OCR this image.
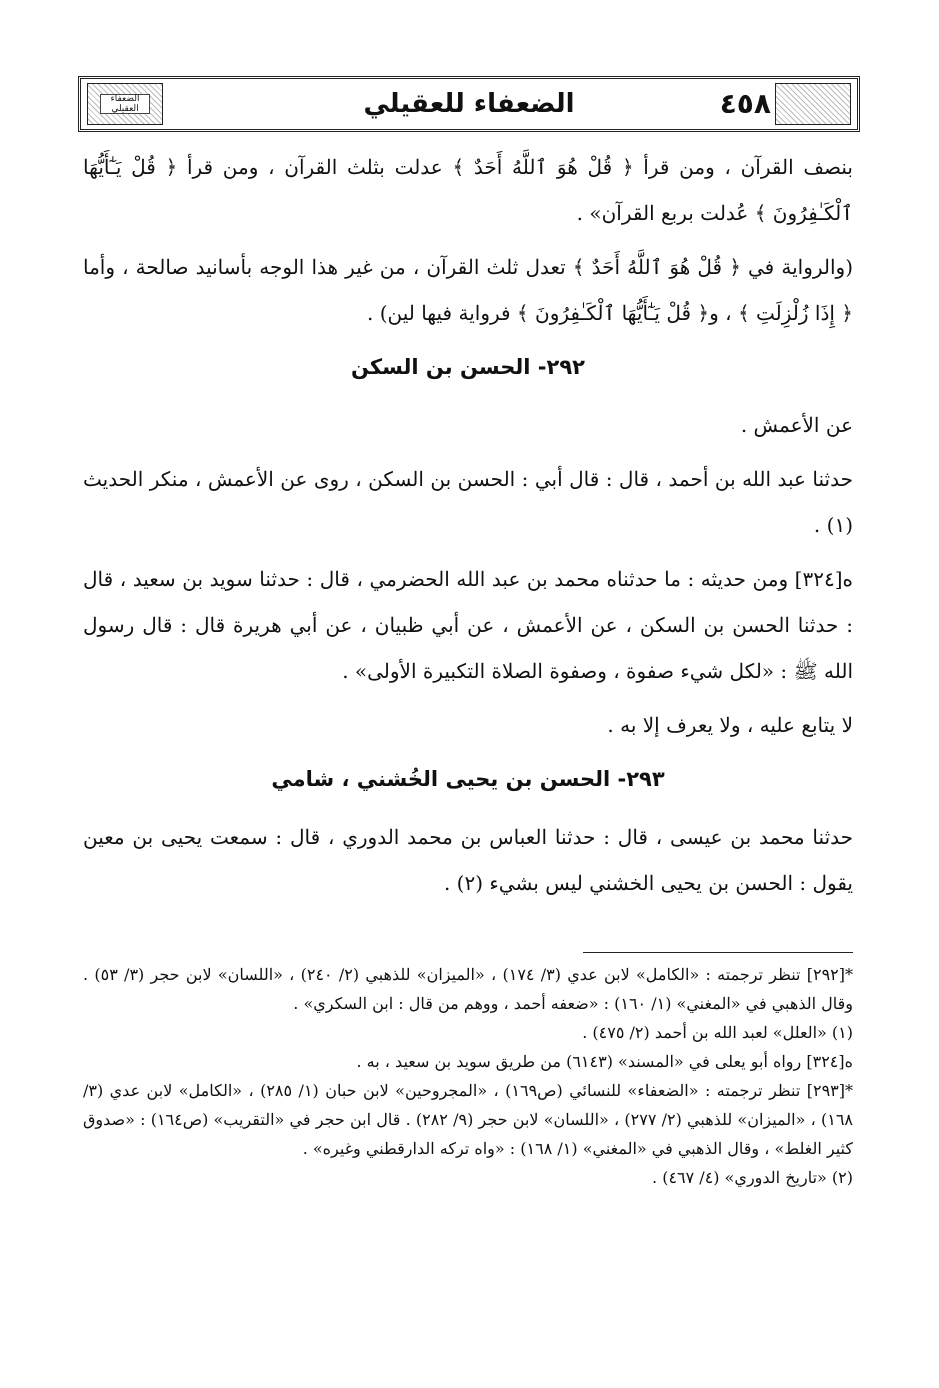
الضعفاء العقيلي	٤٥٨
الضعفاء للعقيلي

بنصف القرآن ، ومن قرأ ﴿ قُلْ هُوَ ٱللَّهُ أَحَدٌ ﴾ عدلت بثلث القرآن ، ومن قرأ ﴿ قُلْ يَـٰٓأَيُّهَا ٱلْكَـٰفِرُونَ ﴾ عُدلت بربع القرآن» .

(والرواية في ﴿ قُلْ هُوَ ٱللَّهُ أَحَدٌ ﴾ تعدل ثلث القرآن ، من غير هذا الوجه بأسانيد صالحة ، وأما ﴿ إِذَا زُلْزِلَتِ ﴾ ، و﴿ قُلْ يَـٰٓأَيُّهَا ٱلْكَـٰفِرُونَ ﴾ فرواية فيها لين) .

٢٩٢- الحسن بن السكن

عن الأعمش .

حدثنا عبد الله بن أحمد ، قال : قال أبي : الحسن بن السكن ، روى عن الأعمش ، منكر الحديث (١) .

ه[٣٢٤] ومن حديثه : ما حدثناه محمد بن عبد الله الحضرمي ، قال : حدثنا سويد بن سعيد ، قال : حدثنا الحسن بن السكن ، عن الأعمش ، عن أبي ظبيان ، عن أبي هريرة قال : قال رسول الله ﷺ : «لكل شيء صفوة ، وصفوة الصلاة التكبيرة الأولى» .

لا يتابع عليه ، ولا يعرف إلا به .

٢٩٣- الحسن بن يحيى الخُشني ، شامي

حدثنا محمد بن عيسى ، قال : حدثنا العباس بن محمد الدوري ، قال : سمعت يحيى بن معين يقول : الحسن بن يحيى الخشني ليس بشيء (٢) .

*[٢٩٢] تنظر ترجمته : «الكامل» لابن عدي (٣/ ١٧٤) ، «الميزان» للذهبي (٢/ ٢٤٠) ، «اللسان» لابن حجر (٣/ ٥٣) . وقال الذهبي في «المغني» (١/ ١٦٠) : «ضعفه أحمد ، ووهم من قال : ابن السكري» .

(١) «العلل» لعبد الله بن أحمد (٢/ ٤٧٥) .

ه[٣٢٤] رواه أبو يعلى في «المسند» (٦١٤٣) من طريق سويد بن سعيد ، به .

*[٢٩٣] تنظر ترجمته : «الضعفاء» للنسائي (ص١٦٩) ، «المجروحين» لابن حبان (١/ ٢٨٥) ، «الكامل» لابن عدي (٣/ ١٦٨) ، «الميزان» للذهبي (٢/ ٢٧٧) ، «اللسان» لابن حجر (٩/ ٢٨٢) . قال ابن حجر في «التقريب» (ص١٦٤) : «صدوق كثير الغلط» ، وقال الذهبي في «المغني» (١/ ١٦٨) : «واه تركه الدارقطني وغيره» .

(٢) «تاريخ الدوري» (٤/ ٤٦٧) .
